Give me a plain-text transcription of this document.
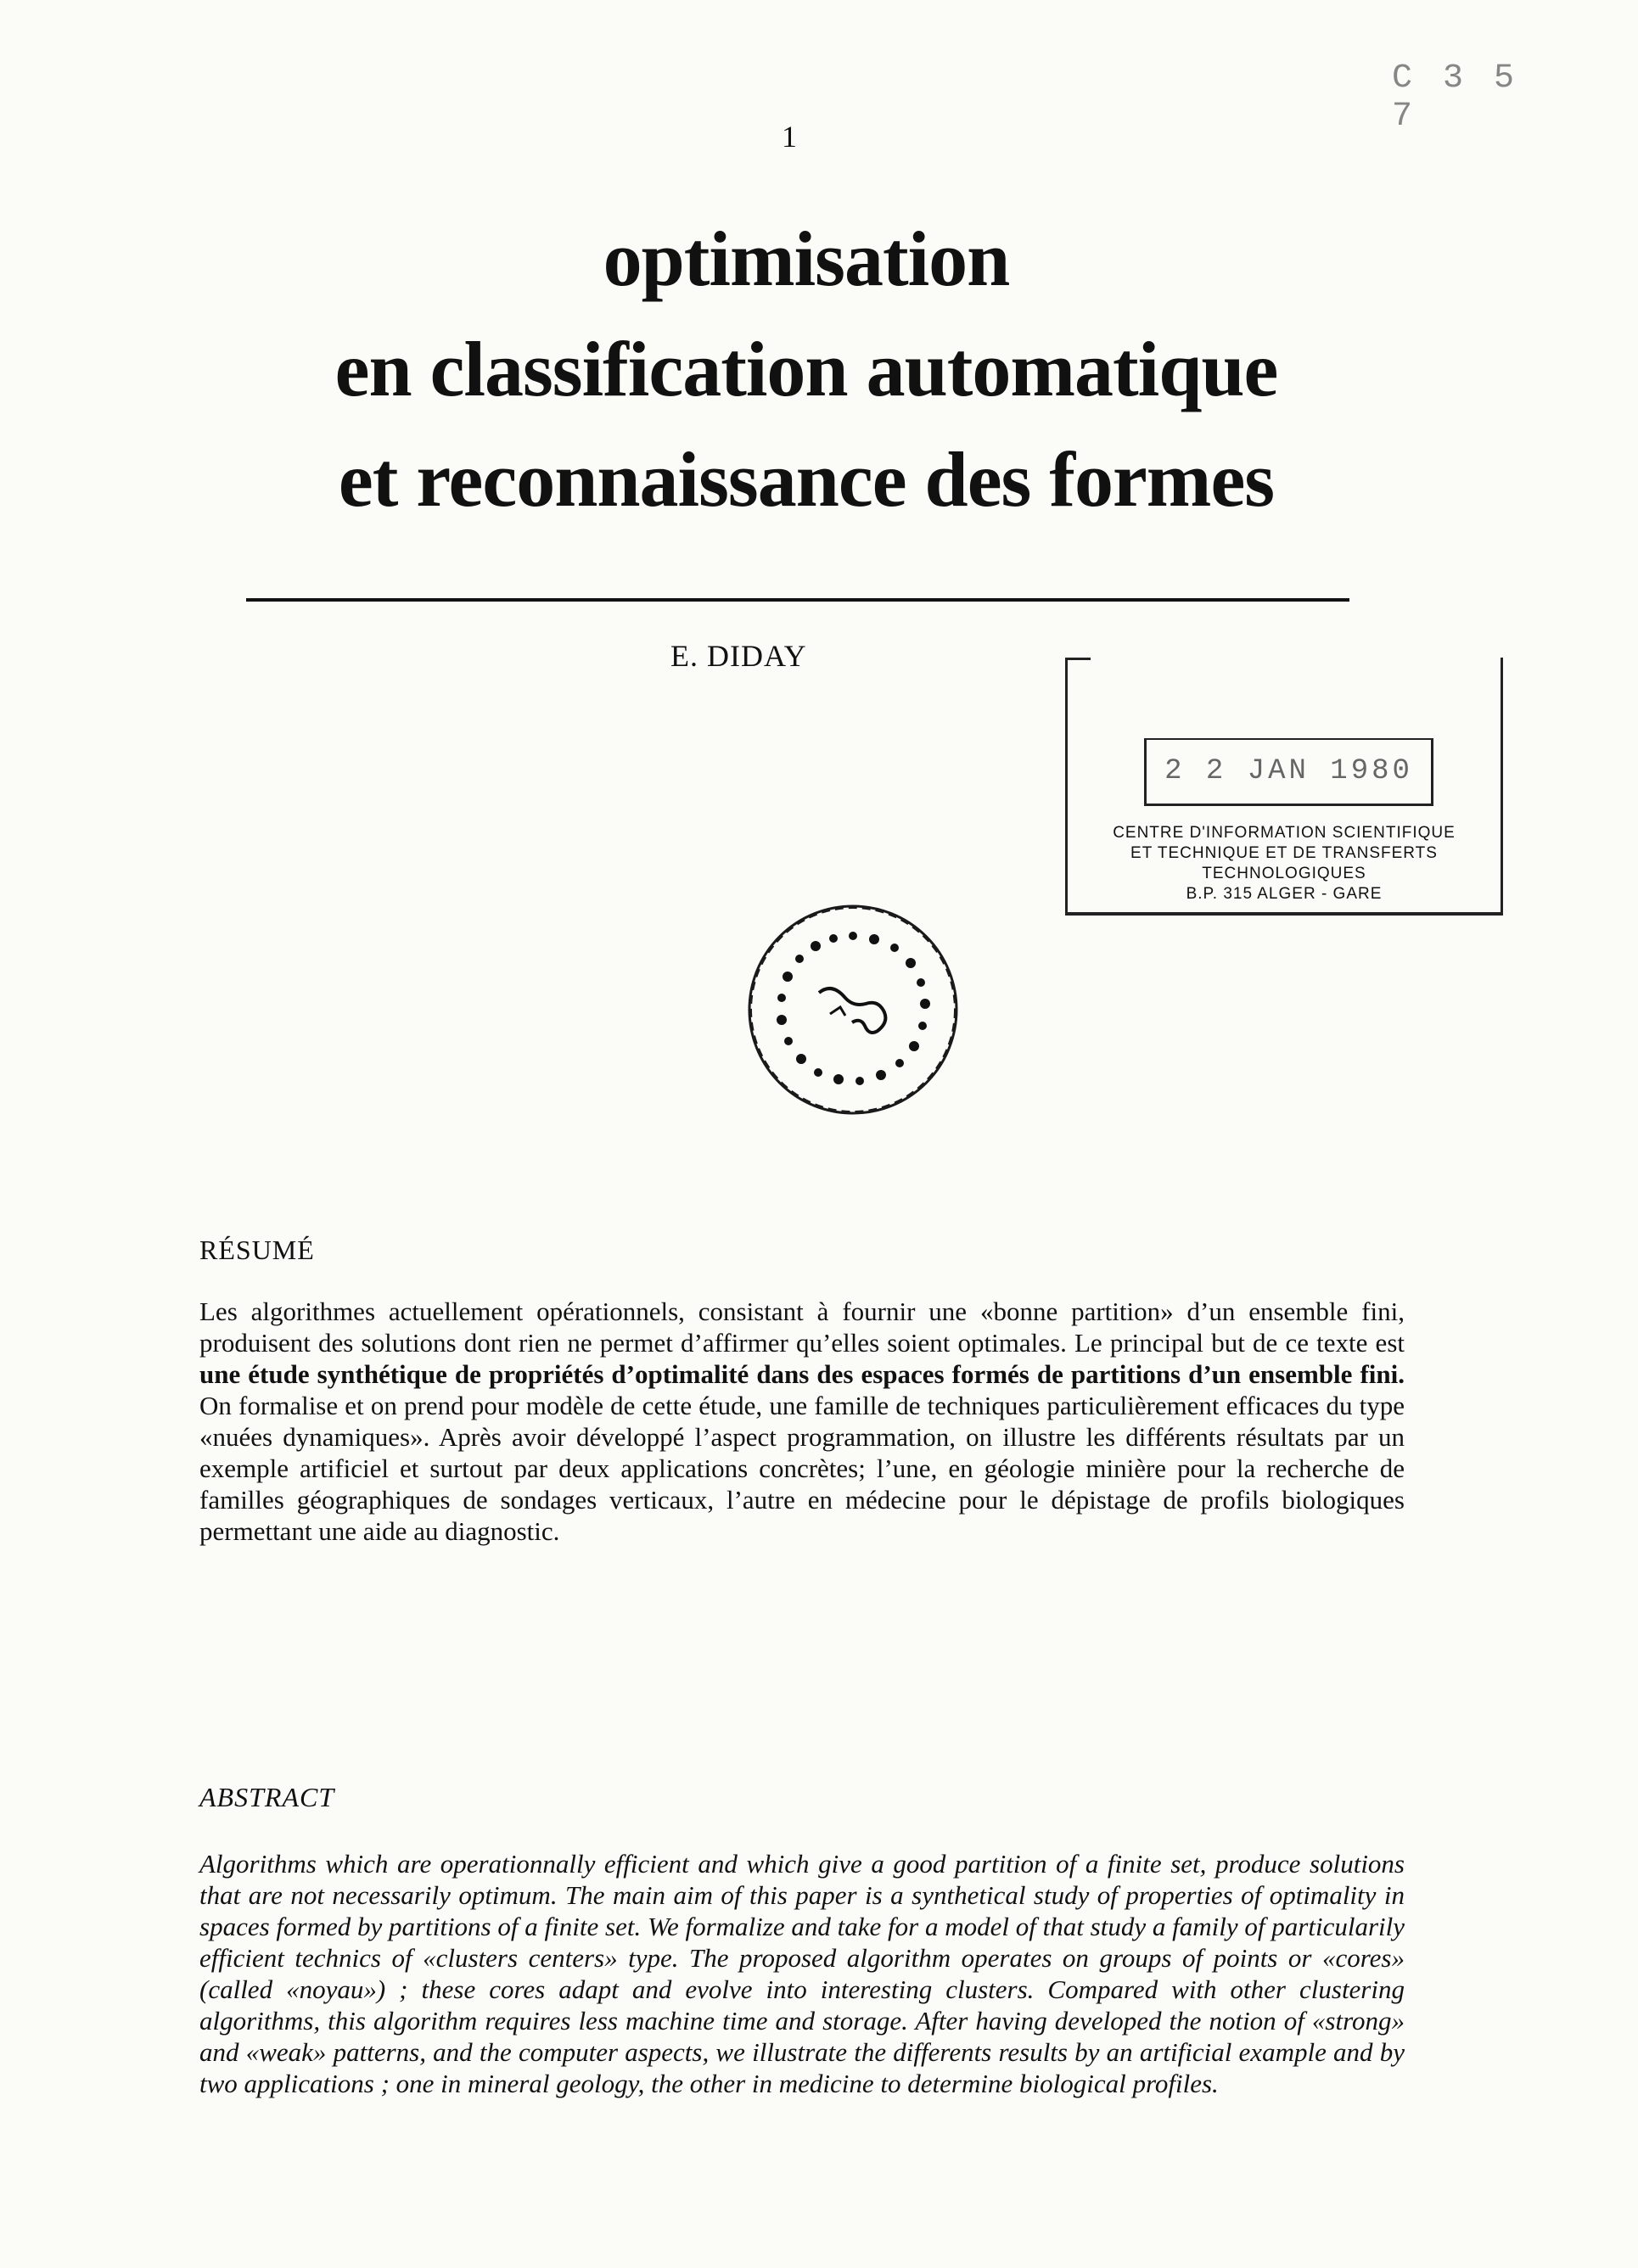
C 3 5 7
1
optimisation
en classification automatique
et reconnaissance des formes
E. DIDAY
2 2 JAN 1980
CENTRE D'INFORMATION SCIENTIFIQUE
ET TECHNIQUE ET DE TRANSFERTS
TECHNOLOGIQUES
B.P. 315 ALGER - GARE
RÉSUMÉ
Les algorithmes actuellement opérationnels, consistant à fournir une «bonne partition» d’un ensemble fini, produisent des solutions dont rien ne permet d’affirmer qu’elles soient optimales. Le principal but de ce texte est une étude synthétique de propriétés d’optimalité dans des espaces formés de partitions d’un ensemble fini. On formalise et on prend pour modèle de cette étude, une famille de techniques particulièrement efficaces du type «nuées dynamiques». Après avoir développé l’aspect programmation, on illustre les différents résultats par un exemple artificiel et surtout par deux applications concrètes; l’une, en géologie minière pour la recherche de familles géographiques de sondages verticaux, l’autre en médecine pour le dépistage de profils biologiques permettant une aide au diagnostic.
ABSTRACT
Algorithms which are operationnally efficient and which give a good partition of a finite set, produce solutions that are not necessarily optimum. The main aim of this paper is a synthetical study of properties of optimality in spaces formed by partitions of a finite set. We formalize and take for a model of that study a family of particularily efficient technics of «clusters centers» type. The proposed algorithm operates on groups of points or «cores» (called «noyau») ; these cores adapt and evolve into interesting clusters. Compared with other clustering algorithms, this algorithm requires less machine time and storage. After having developed the notion of «strong» and «weak» patterns, and the computer aspects, we illustrate the differents results by an artificial example and by two applications ; one in mineral geology, the other in medicine to determine biological profiles.
